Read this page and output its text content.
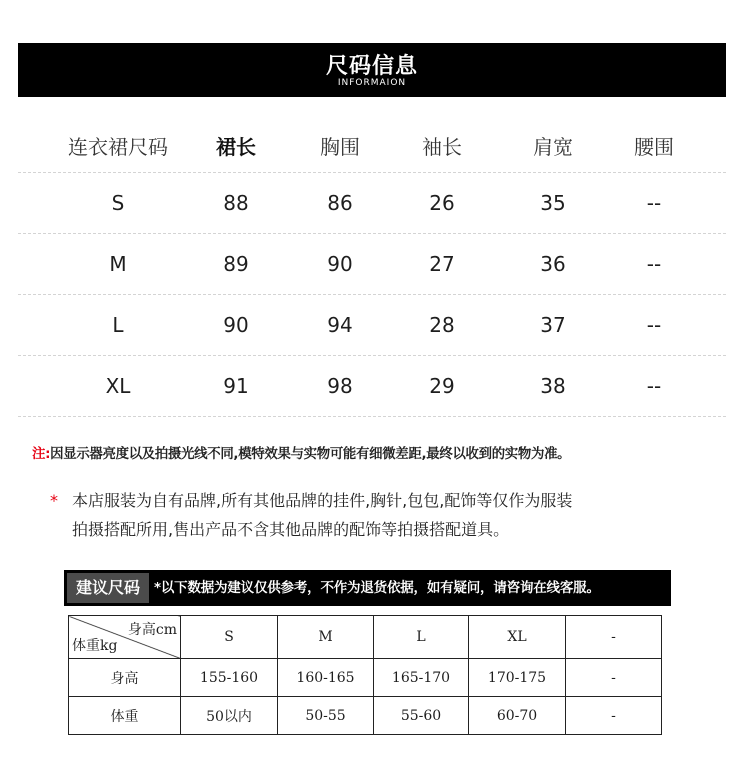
尺码信息
INFORMAION
连衣裙尺码 裙长	胸围	袖长	肩宽	腰围
S	88	86	26	35	--
M	89	90	27	36	--
L	90	94	28	37	--
XL	91	98	29	38	--
注:因显示器亮度以及拍摄光线不同,模特效果与实物可能有细微差距,最终以收到的实物为准。
* 本店服装为自有品牌,所有其他品牌的挂件,胸针,包包,配饰等仅作为服装
拍摄搭配所用,售出产品不含其他品牌的配饰等拍摄搭配道具。
建议尺码	*以下数据为建议仅供参考，不作为退货依据，如有疑问，请咨询在线客服。
身高cm
体重kg	S	M	L	XL	-
身高	155-160	160-165	165-170	170-175	-
体重	50以内	50-55	55-60	60-70	-
